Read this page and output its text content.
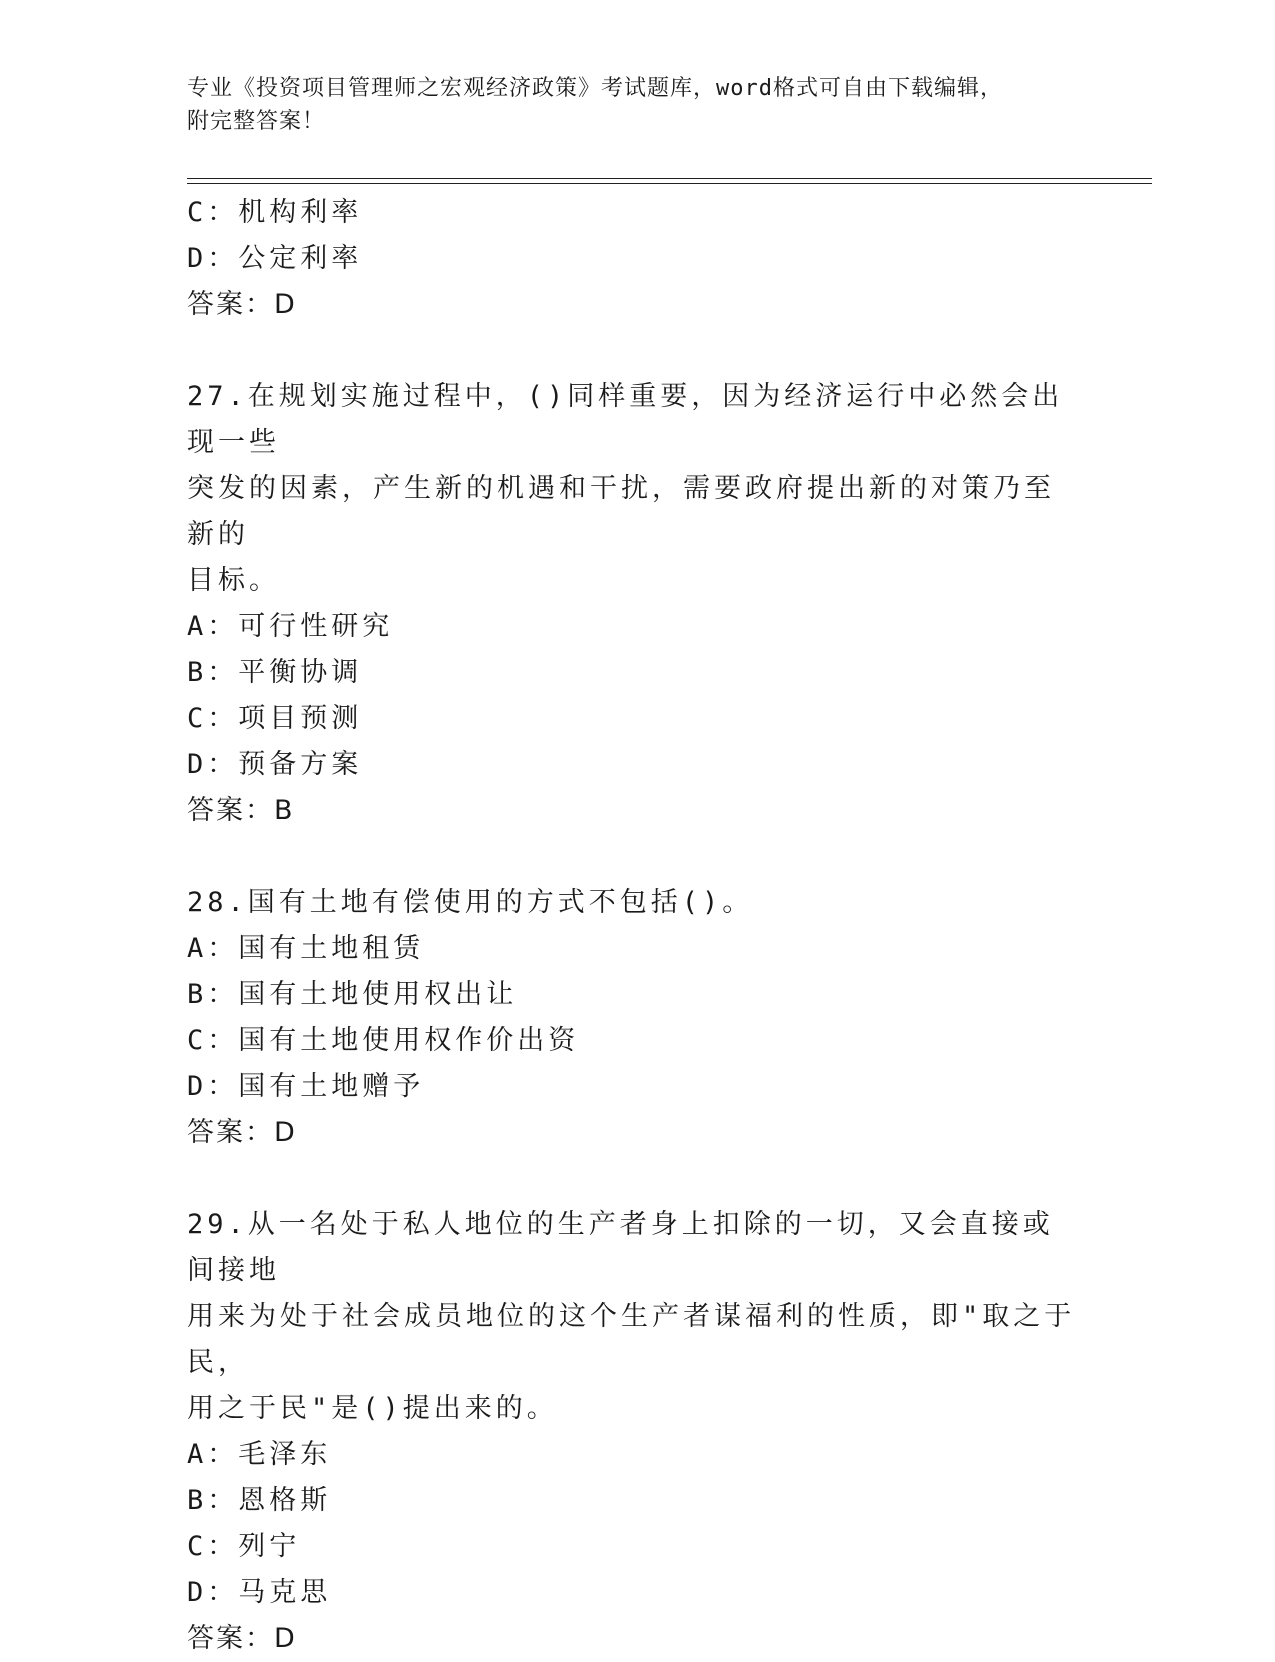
专业《投资项目管理师之宏观经济政策》考试题库，word格式可自由下载编辑，
附完整答案！
C：机构利率
D：公定利率
答案：D
27.在规划实施过程中，()同样重要，因为经济运行中必然会出现一些
突发的因素，产生新的机遇和干扰，需要政府提出新的对策乃至新的
目标。
A：可行性研究
B：平衡协调
C：项目预测
D：预备方案
答案：B
28.国有土地有偿使用的方式不包括()。
A：国有土地租赁
B：国有土地使用权出让
C：国有土地使用权作价出资
D：国有土地赠予
答案：D
29.从一名处于私人地位的生产者身上扣除的一切，又会直接或间接地
用来为处于社会成员地位的这个生产者谋福利的性质，即"取之于民，
用之于民"是()提出来的。
A：毛泽东
B：恩格斯
C：列宁
D：马克思
答案：D
